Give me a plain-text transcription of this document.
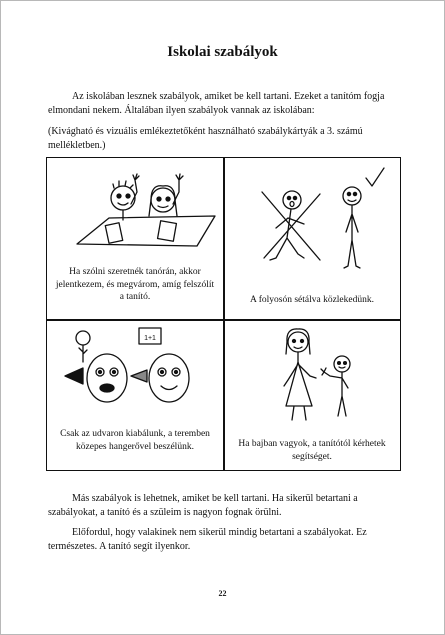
Iskolai szabályok
Az iskolában lesznek szabályok, amiket be kell tartani. Ezeket a tanítóm fogja elmondani nekem. Általában ilyen szabályok vannak az iskolában:
(Kivágható és vizuális emlékeztetőként használható szabálykártyák a 3. számú mellékletben.)
Ha szólni szeretnék tanórán, akkor jelentkezem, és megvárom, amíg felszólít a tanító.	A folyosón sétálva közlekedünk.
1+1
Csak az udvaron kiabálunk, a teremben közepes hangerővel beszélünk.	Ha bajban vagyok, a tanítótól kérhetek segítséget.
Más szabályok is lehetnek, amiket be kell tartani. Ha sikerül betartani a szabályokat, a tanító és a szüleim is nagyon fognak örülni.
Előfordul, hogy valakinek nem sikerül mindig betartani a szabályokat. Ez természetes. A tanító segít ilyenkor.
22
